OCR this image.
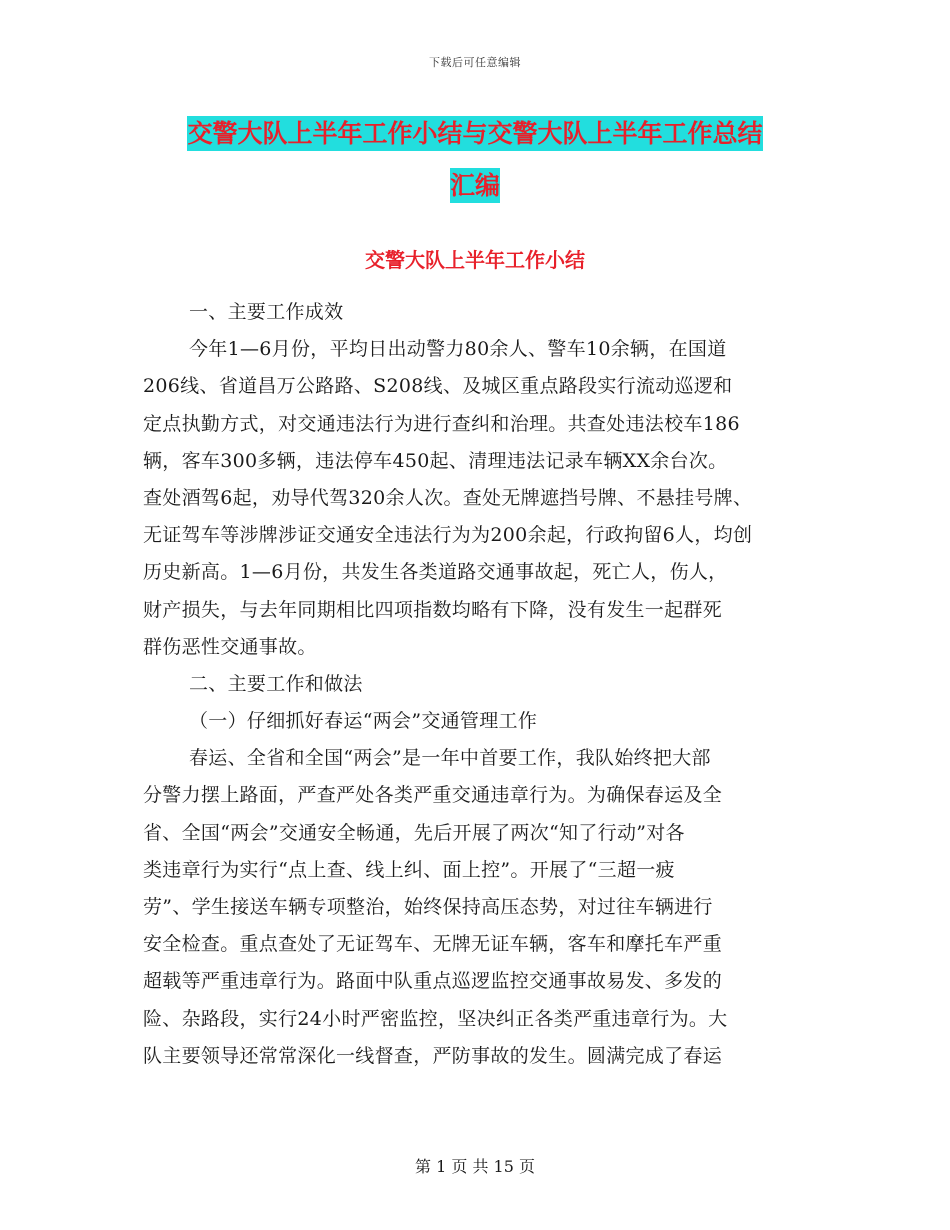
下载后可任意编辑
交警大队上半年工作小结与交警大队上半年工作总结
汇编
交警大队上半年工作小结
一、主要工作成效
今年1—6月份，平均日出动警力80余人、警车10余辆，在国道
206线、省道昌万公路路、S208线、及城区重点路段实行流动巡逻和
定点执勤方式，对交通违法行为进行查纠和治理。共查处违法校车186
辆，客车300多辆，违法停车450起、清理违法记录车辆XX余台次。
查处酒驾6起，劝导代驾320余人次。查处无牌遮挡号牌、不悬挂号牌、
无证驾车等涉牌涉证交通安全违法行为为200余起，行政拘留6人，均创
历史新高。1—6月份，共发生各类道路交通事故起，死亡人，伤人，
财产损失，与去年同期相比四项指数均略有下降，没有发生一起群死
群伤恶性交通事故。
二、主要工作和做法
（一）仔细抓好春运“两会”交通管理工作
春运、全省和全国“两会”是一年中首要工作，我队始终把大部
分警力摆上路面，严查严处各类严重交通违章行为。为确保春运及全
省、全国“两会”交通安全畅通，先后开展了两次“知了行动”对各
类违章行为实行“点上查、线上纠、面上控”。开展了“三超一疲
劳”、学生接送车辆专项整治，始终保持高压态势，对过往车辆进行
安全检查。重点查处了无证驾车、无牌无证车辆，客车和摩托车严重
超载等严重违章行为。路面中队重点巡逻监控交通事故易发、多发的
险、杂路段，实行24小时严密监控，坚决纠正各类严重违章行为。大
队主要领导还常常深化一线督查，严防事故的发生。圆满完成了春运
第 1 页 共 15 页
